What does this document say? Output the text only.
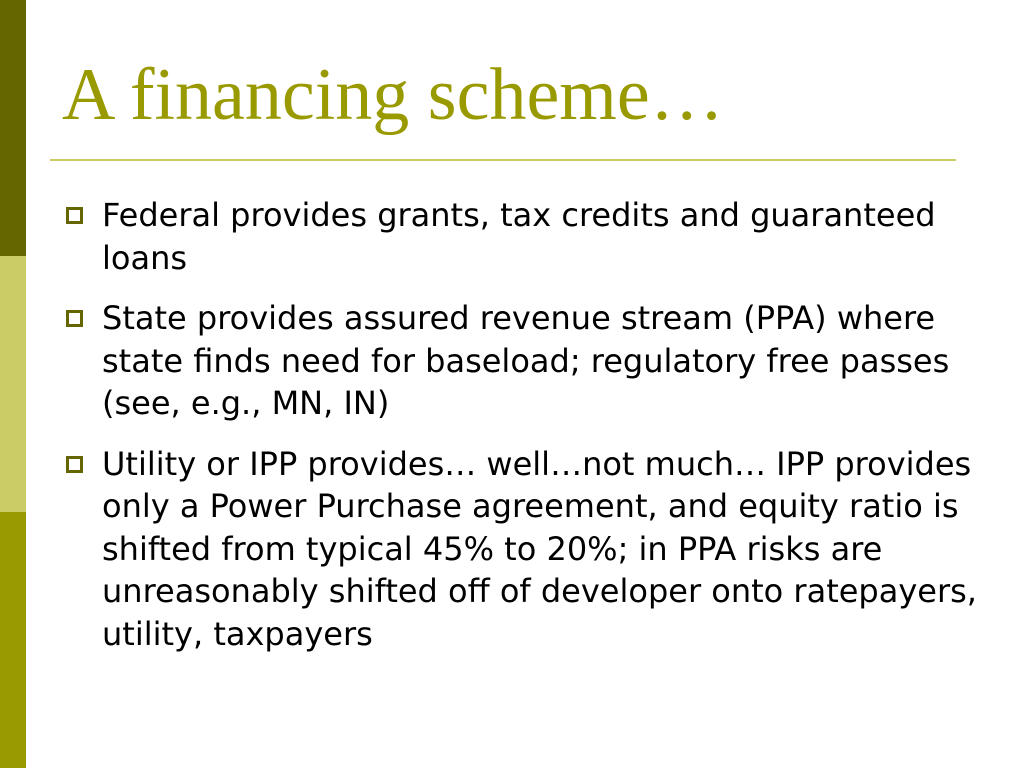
A financing scheme…
Federal provides grants, tax credits and guaranteed loans
State provides assured revenue stream (PPA) where state finds need for baseload; regulatory free passes (see, e.g., MN, IN)
Utility or IPP provides… well…not much… IPP provides only a Power Purchase agreement, and equity ratio is shifted from typical 45% to 20%; in PPA risks are unreasonably shifted off of developer onto ratepayers, utility, taxpayers
